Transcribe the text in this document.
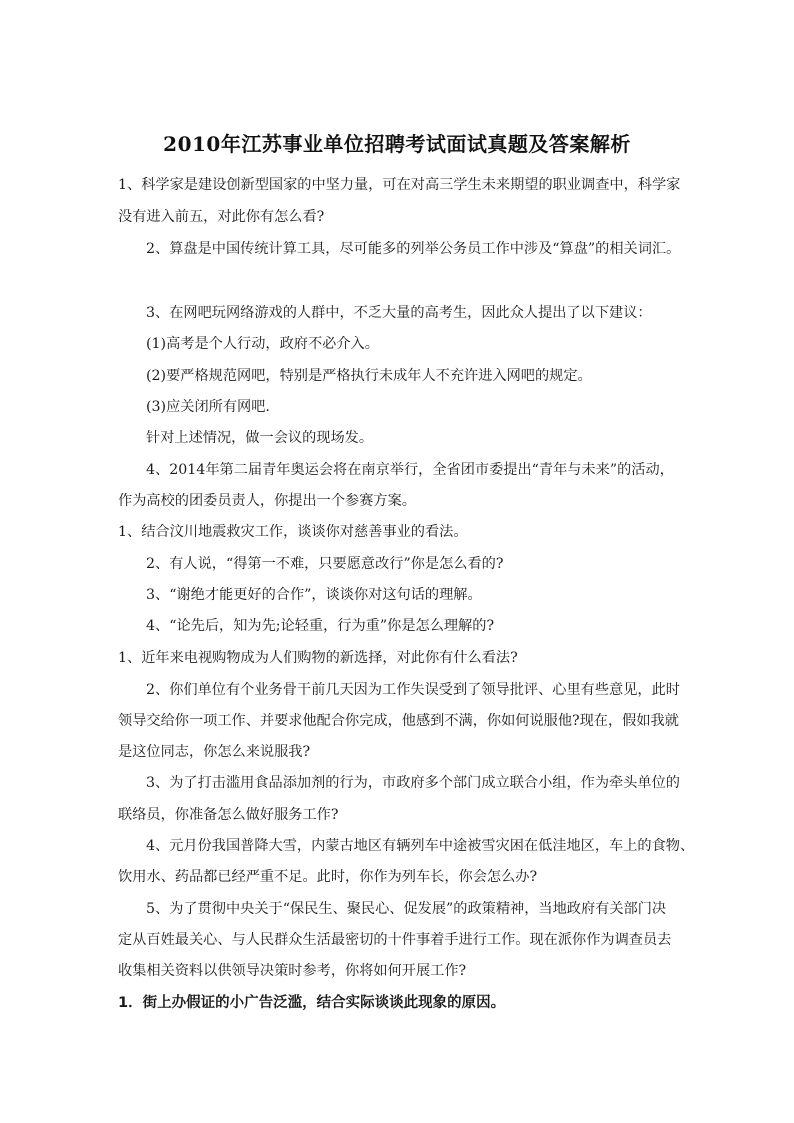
2010年江苏事业单位招聘考试面试真题及答案解析
1、科学家是建设创新型国家的中坚力量，可在对高三学生未来期望的职业调查中，科学家
没有进入前五，对此你有怎么看?
2、算盘是中国传统计算工具，尽可能多的列举公务员工作中涉及“算盘”的相关词汇。
3、在网吧玩网络游戏的人群中，不乏大量的高考生，因此众人提出了以下建议：
(1)高考是个人行动，政府不必介入。
(2)要严格规范网吧，特别是严格执行未成年人不充许进入网吧的规定。
(3)应关闭所有网吧.
针对上述情况，做一会议的现场发。
4、2014年第二届青年奥运会将在南京举行，全省团市委提出“青年与未来”的活动，
作为高校的团委员责人，你提出一个参赛方案。
1、结合汶川地震救灾工作，谈谈你对慈善事业的看法。
2、有人说，“得第一不难，只要愿意改行”你是怎么看的?
3、“谢绝才能更好的合作”，谈谈你对这句话的理解。
4、“论先后，知为先;论轻重，行为重”你是怎么理解的?
1、近年来电视购物成为人们购物的新选择，对此你有什么看法?
2、你们单位有个业务骨干前几天因为工作失误受到了领导批评、心里有些意见，此时
领导交给你一项工作、并要求他配合你完成，他感到不满，你如何说服他?现在，假如我就
是这位同志，你怎么来说服我?
3、为了打击滥用食品添加剂的行为，市政府多个部门成立联合小组，作为牵头单位的
联络员，你准备怎么做好服务工作?
4、元月份我国普降大雪，内蒙古地区有辆列车中途被雪灾困在低洼地区，车上的食物、
饮用水、药品都已经严重不足。此时，你作为列车长，你会怎么办?
5、为了贯彻中央关于“保民生、聚民心、促发展”的政策精神，当地政府有关部门决
定从百姓最关心、与人民群众生活最密切的十件事着手进行工作。现在派你作为调查员去
收集相关资料以供领导决策时参考，你将如何开展工作?
1．街上办假证的小广告泛滥，结合实际谈谈此现象的原因。
